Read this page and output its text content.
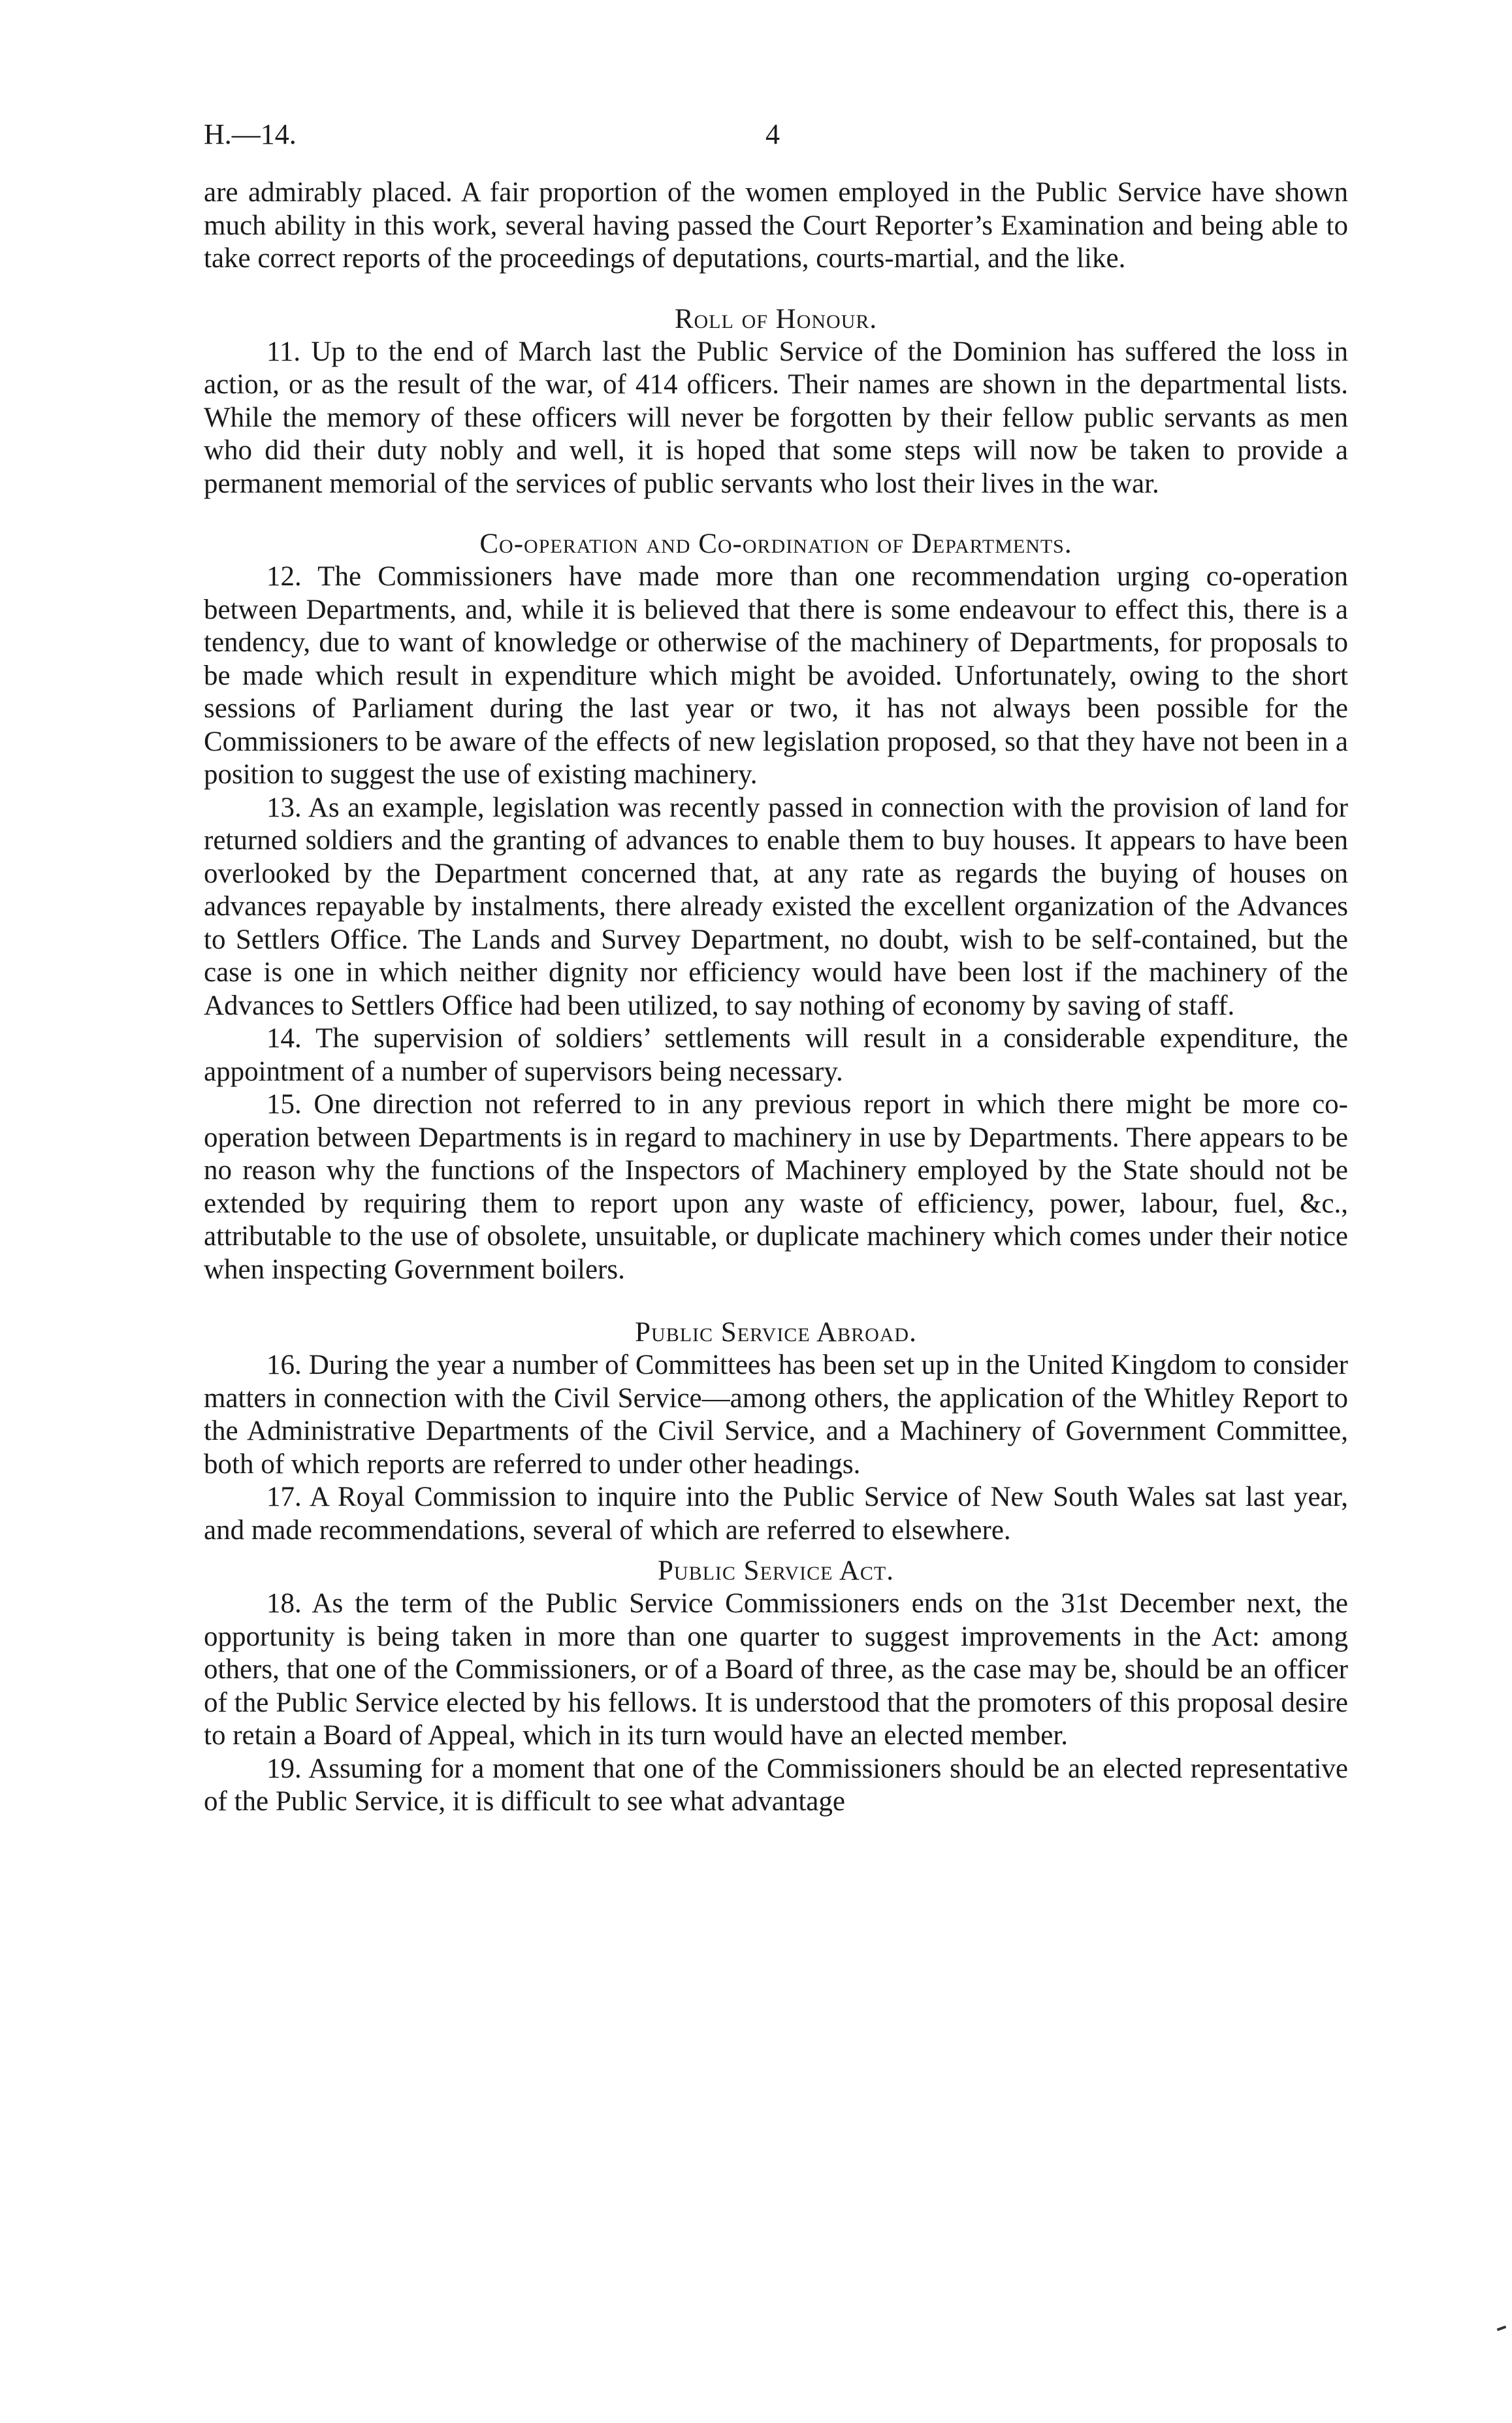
H.—14.	4

are admirably placed. A fair proportion of the women employed in the Public Service have shown much ability in this work, several having passed the Court Reporter’s Examination and being able to take correct reports of the proceedings of deputations, courts-martial, and the like.

Roll of Honour.

11. Up to the end of March last the Public Service of the Dominion has suffered the loss in action, or as the result of the war, of 414 officers. Their names are shown in the departmental lists. While the memory of these officers will never be forgotten by their fellow public servants as men who did their duty nobly and well, it is hoped that some steps will now be taken to provide a permanent memorial of the services of public servants who lost their lives in the war.

Co-operation and Co-ordination of Departments.

12. The Commissioners have made more than one recommendation urging co-operation between Departments, and, while it is believed that there is some endeavour to effect this, there is a tendency, due to want of knowledge or otherwise of the machinery of Departments, for proposals to be made which result in expenditure which might be avoided. Unfortunately, owing to the short sessions of Parliament during the last year or two, it has not always been possible for the Commissioners to be aware of the effects of new legislation proposed, so that they have not been in a position to suggest the use of existing machinery.

13. As an example, legislation was recently passed in connection with the provision of land for returned soldiers and the granting of advances to enable them to buy houses. It appears to have been overlooked by the Department concerned that, at any rate as regards the buying of houses on advances repayable by instalments, there already existed the excellent organization of the Advances to Settlers Office. The Lands and Survey Department, no doubt, wish to be self-contained, but the case is one in which neither dignity nor efficiency would have been lost if the machinery of the Advances to Settlers Office had been utilized, to say nothing of economy by saving of staff.

14. The supervision of soldiers’ settlements will result in a considerable expenditure, the appointment of a number of supervisors being necessary.

15. One direction not referred to in any previous report in which there might be more co-operation between Departments is in regard to machinery in use by Departments. There appears to be no reason why the functions of the Inspectors of Machinery employed by the State should not be extended by requiring them to report upon any waste of efficiency, power, labour, fuel, &c., attributable to the use of obsolete, unsuitable, or duplicate machinery which comes under their notice when inspecting Government boilers.

Public Service Abroad.

16. During the year a number of Committees has been set up in the United Kingdom to consider matters in connection with the Civil Service—among others, the application of the Whitley Report to the Administrative Departments of the Civil Service, and a Machinery of Government Committee, both of which reports are referred to under other headings.

17. A Royal Commission to inquire into the Public Service of New South Wales sat last year, and made recommendations, several of which are referred to elsewhere.

Public Service Act.

18. As the term of the Public Service Commissioners ends on the 31st December next, the opportunity is being taken in more than one quarter to suggest improvements in the Act: among others, that one of the Commissioners, or of a Board of three, as the case may be, should be an officer of the Public Service elected by his fellows. It is understood that the promoters of this proposal desire to retain a Board of Appeal, which in its turn would have an elected member.

19. Assuming for a moment that one of the Commissioners should be an elected representative of the Public Service, it is difficult to see what advantage
